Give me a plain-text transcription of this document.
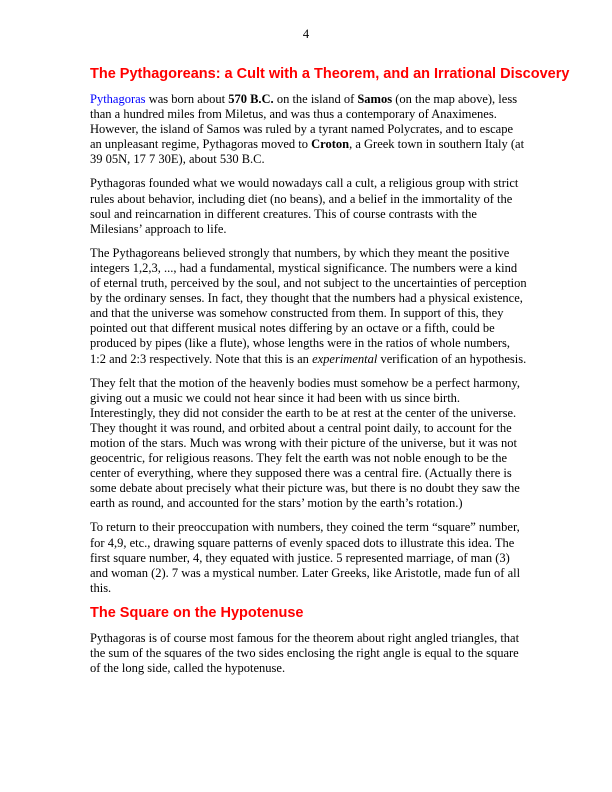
4
The Pythagoreans: a Cult with a Theorem, and an Irrational Discovery

Pythagoras was born about 570 B.C. on the island of Samos (on the map above), less than a hundred miles from Miletus, and was thus a contemporary of Anaximenes. However, the island of Samos was ruled by a tyrant named Polycrates, and to escape an unpleasant regime, Pythagoras moved to Croton, a Greek town in southern Italy (at 39 05N, 17 7 30E), about 530 B.C.

Pythagoras founded what we would nowadays call a cult, a religious group with strict rules about behavior, including diet (no beans), and a belief in the immortality of the soul and reincarnation in different creatures. This of course contrasts with the Milesians’ approach to life.

The Pythagoreans believed strongly that numbers, by which they meant the positive integers 1,2,3, ..., had a fundamental, mystical significance. The numbers were a kind of eternal truth, perceived by the soul, and not subject to the uncertainties of perception by the ordinary senses. In fact, they thought that the numbers had a physical existence, and that the universe was somehow constructed from them. In support of this, they pointed out that different musical notes differing by an octave or a fifth, could be produced by pipes (like a flute), whose lengths were in the ratios of whole numbers, 1:2 and 2:3 respectively. Note that this is an experimental verification of an hypothesis.

They felt that the motion of the heavenly bodies must somehow be a perfect harmony, giving out a music we could not hear since it had been with us since birth. Interestingly, they did not consider the earth to be at rest at the center of the universe. They thought it was round, and orbited about a central point daily, to account for the motion of the stars. Much was wrong with their picture of the universe, but it was not geocentric, for religious reasons. They felt the earth was not noble enough to be the center of everything, where they supposed there was a central fire. (Actually there is some debate about precisely what their picture was, but there is no doubt they saw the earth as round, and accounted for the stars’ motion by the earth’s rotation.)

To return to their preoccupation with numbers, they coined the term “square” number, for 4,9, etc., drawing square patterns of evenly spaced dots to illustrate this idea. The first square number, 4, they equated with justice. 5 represented marriage, of man (3) and woman (2). 7 was a mystical number. Later Greeks, like Aristotle, made fun of all this.

The Square on the Hypotenuse

Pythagoras is of course most famous for the theorem about right angled triangles, that the sum of the squares of the two sides enclosing the right angle is equal to the square of the long side, called the hypotenuse.
